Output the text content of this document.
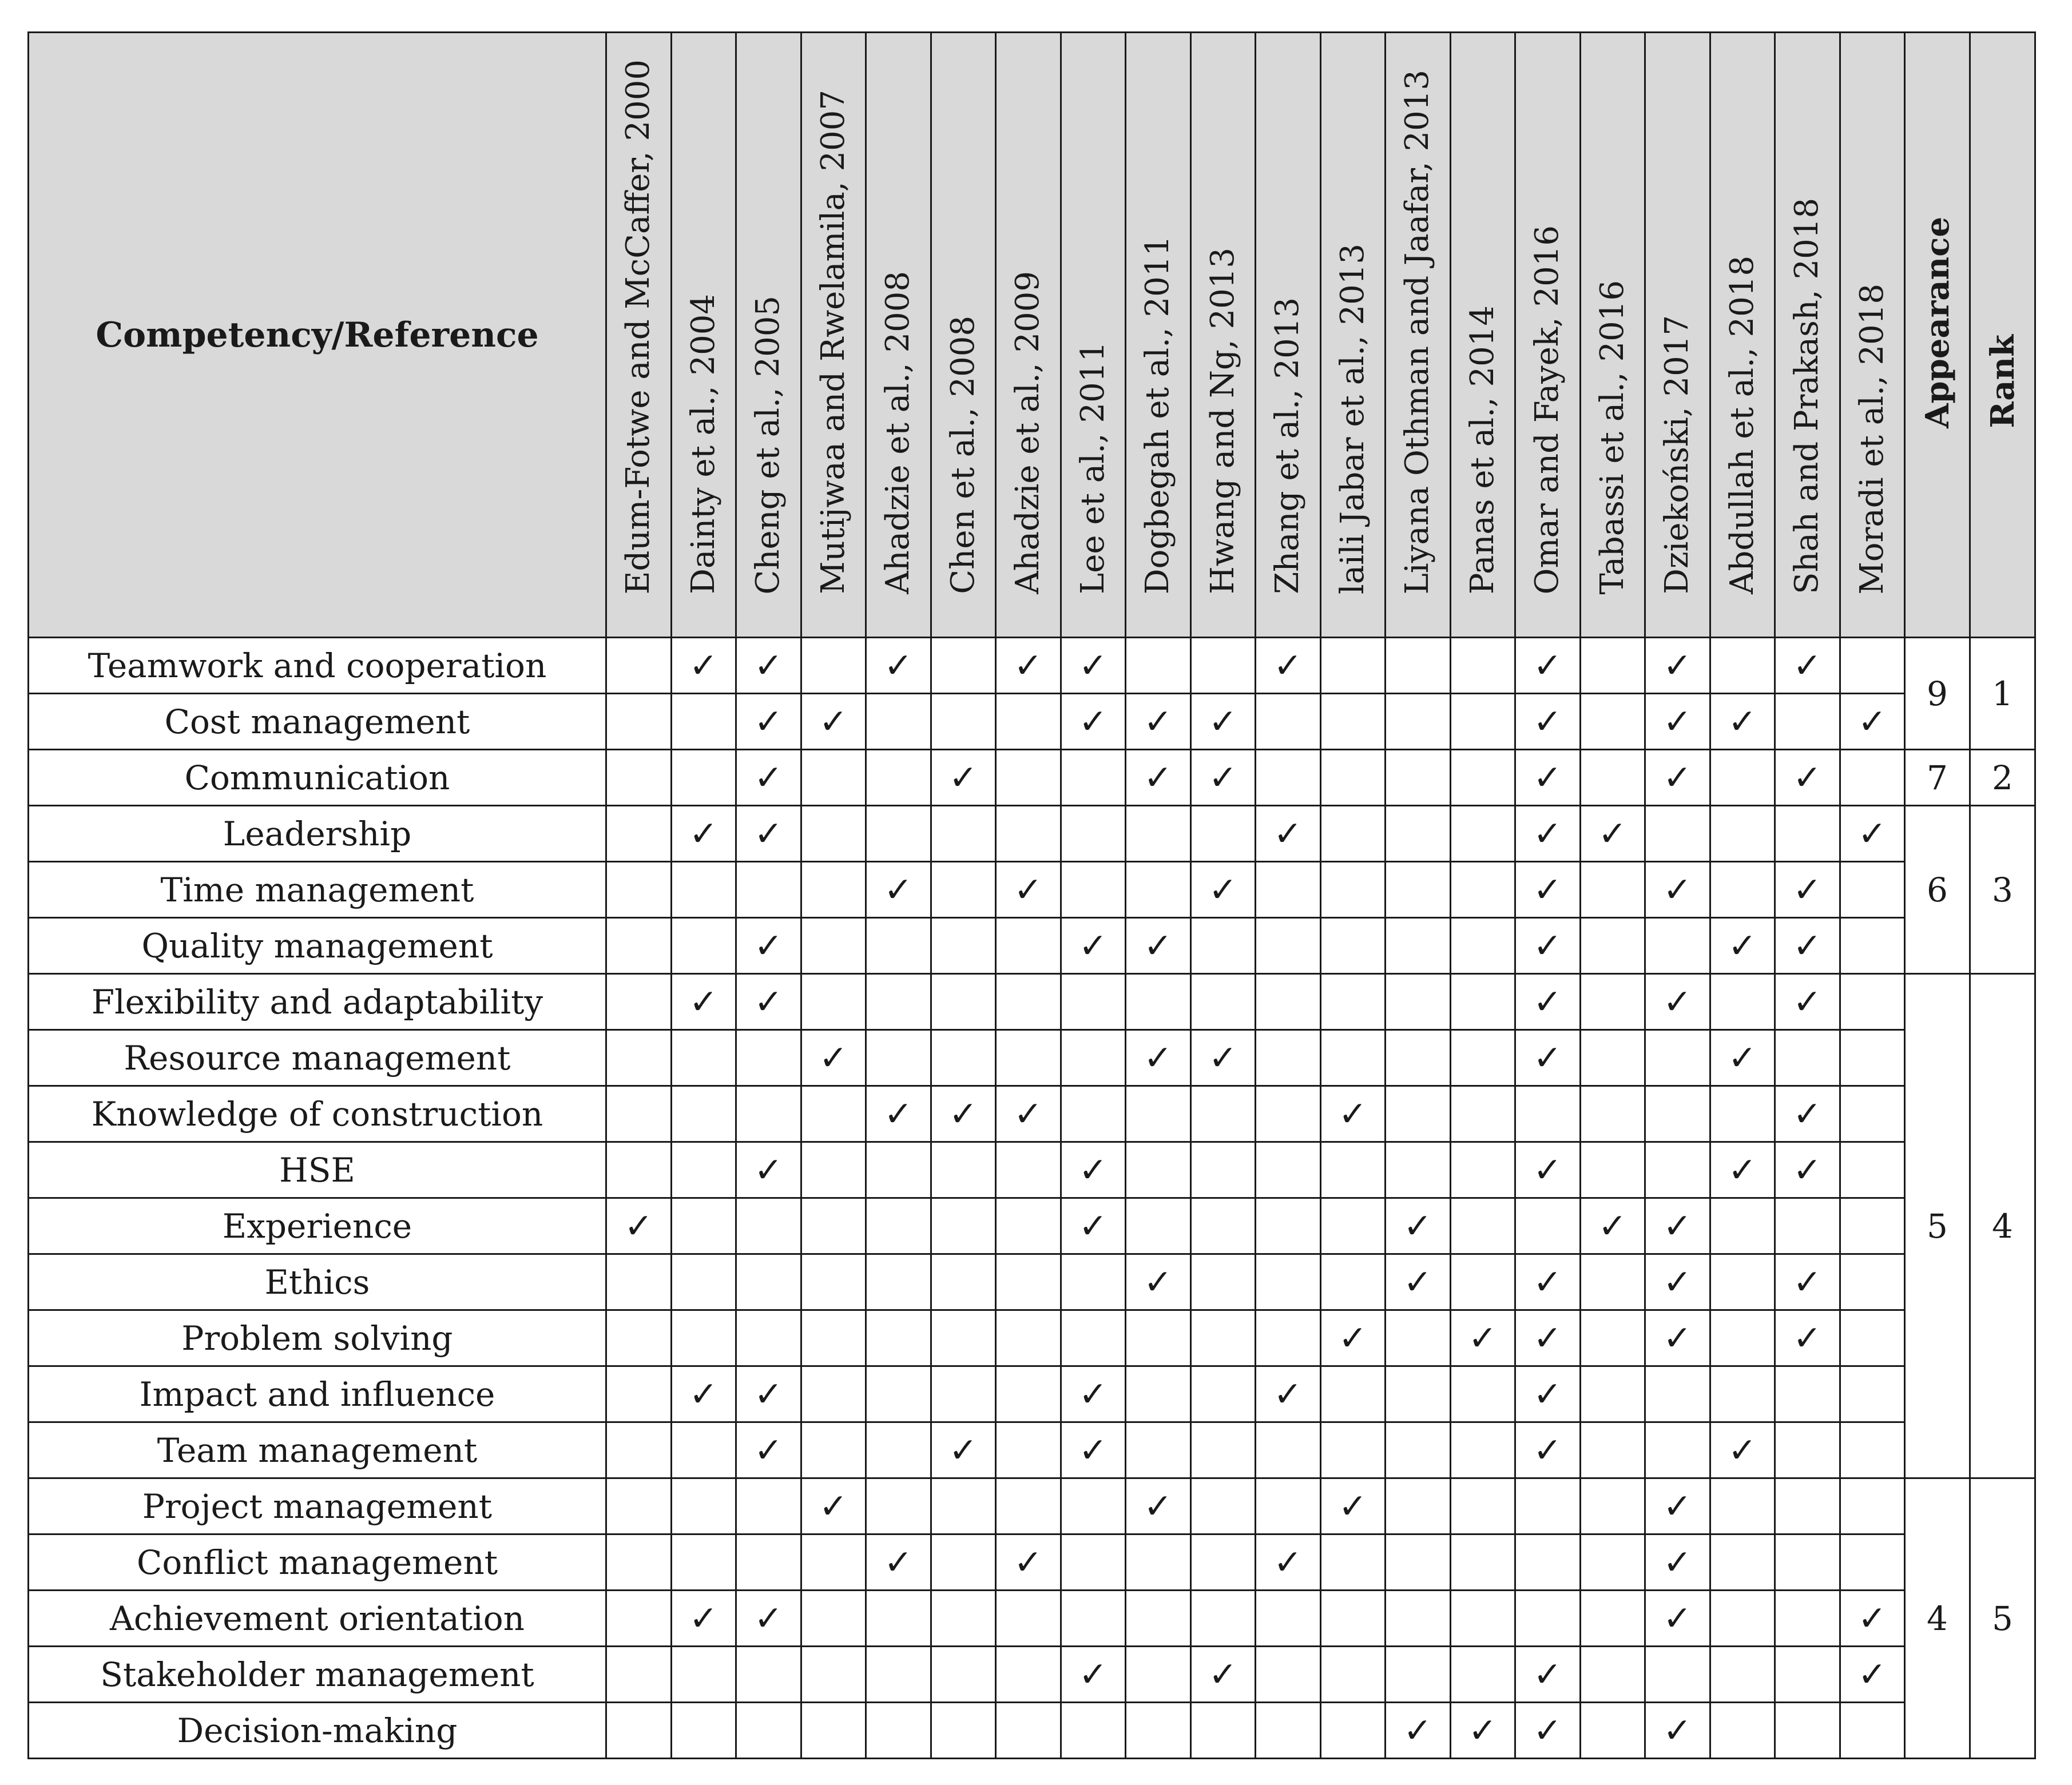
Competency/Reference	Edum-Fotwe and McCaffer, 2000	Dainty et al., 2004	Cheng et al., 2005	Mutijwaa and Rwelamila, 2007	Ahadzie et al., 2008	Chen et al., 2008	Ahadzie et al., 2009	Lee et al., 2011	Dogbegah et al., 2011	Hwang and Ng, 2013	Zhang et al., 2013	laili Jabar et al., 2013	Liyana Othman and Jaafar, 2013	Panas et al., 2014	Omar and Fayek, 2016	Tabassi et al., 2016	Dziekoński, 2017	Abdullah et al., 2018	Shah and Prakash, 2018	Moradi et al., 2018	Appearance	Rank
Teamwork and cooperation		✓	✓		✓		✓	✓			✓				✓		✓		✓		9	1
Cost management			✓	✓				✓	✓	✓					✓		✓	✓		✓		
Communication			✓			✓			✓	✓					✓		✓		✓		7	2
Leadership		✓	✓								✓				✓	✓				✓	6	3
Time management					✓		✓			✓					✓		✓		✓			
Quality management			✓					✓	✓						✓			✓	✓			
Flexibility and adaptability		✓	✓												✓		✓		✓		5	4
Resource management				✓					✓	✓					✓			✓				
Knowledge of construction					✓	✓	✓					✓							✓			
HSE			✓					✓							✓			✓	✓			
Experience	✓							✓					✓			✓	✓					
Ethics									✓				✓		✓		✓		✓			
Problem solving												✓		✓	✓		✓		✓			
Impact and influence		✓	✓					✓			✓				✓							
Team management			✓			✓		✓							✓			✓				
Project management				✓					✓			✓					✓				4	5
Conflict management					✓		✓				✓						✓					
Achievement orientation		✓	✓														✓			✓		
Stakeholder management								✓		✓					✓					✓		
Decision-making													✓	✓	✓		✓					
